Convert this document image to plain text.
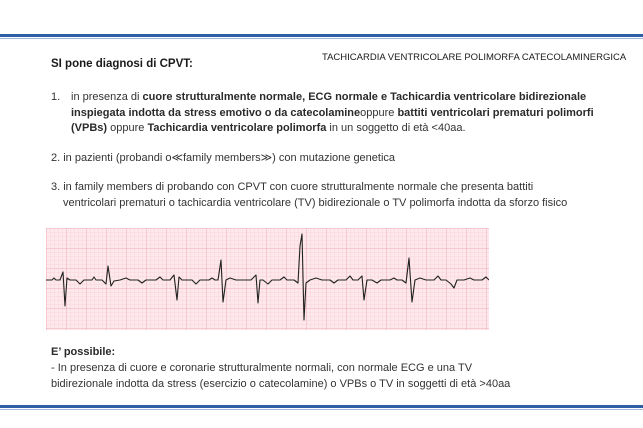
TACHICARDIA VENTRICOLARE POLIMORFA CATECOLAMINERGICA
SI pone diagnosi di CPVT:
1. in presenza di cuore strutturalmente normale, ECG normale e Tachicardia ventricolare bidirezionale inspiegata indotta da stress emotivo o da catecolamineoppure battiti ventricolari prematuri polimorfi (VPBs) oppure Tachicardia ventricolare polimorfa in un soggetto di età <40aa.
2. in pazienti (probandi o≪family members≫) con mutazione genetica
3. in family members di probando con CPVT con cuore strutturalmente normale che presenta battiti
ventricolari prematuri o tachicardia ventricolare (TV) bidirezionale o TV polimorfa indotta da sforzo fisico
E’ possibile:
- In presenza di cuore e coronarie strutturalmente normali, con normale ECG e una TV
bidirezionale indotta da stress (esercizio o catecolamine) o VPBs o TV in soggetti di età >40aa
